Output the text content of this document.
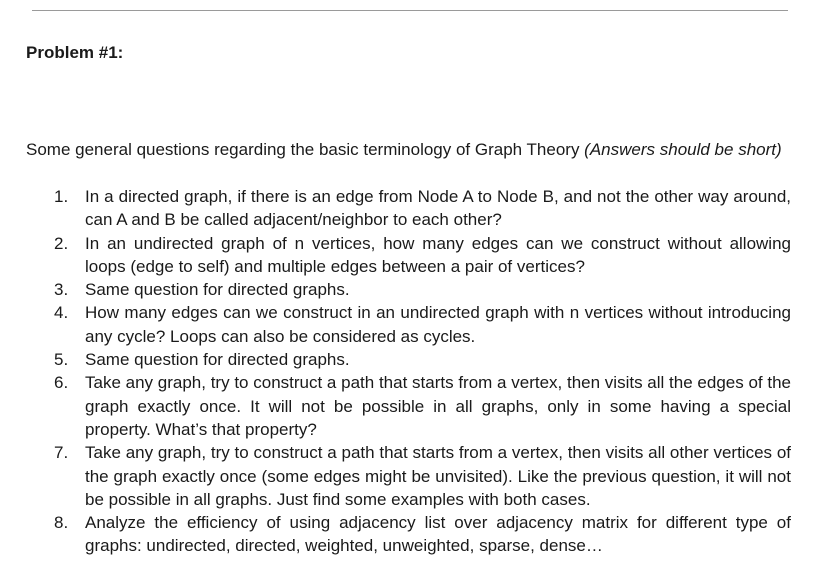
Problem #1:

Some general questions regarding the basic terminology of Graph Theory (Answers should be short)

1. In a directed graph, if there is an edge from Node A to Node B, and not the other way around, can A and B be called adjacent/neighbor to each other?
2. In an undirected graph of n vertices, how many edges can we construct without allowing loops (edge to self) and multiple edges between a pair of vertices?
3. Same question for directed graphs.
4. How many edges can we construct in an undirected graph with n vertices without introducing any cycle? Loops can also be considered as cycles.
5. Same question for directed graphs.
6. Take any graph, try to construct a path that starts from a vertex, then visits all the edges of the graph exactly once. It will not be possible in all graphs, only in some having a special property. What’s that property?
7. Take any graph, try to construct a path that starts from a vertex, then visits all other vertices of the graph exactly once (some edges might be unvisited). Like the previous question, it will not be possible in all graphs. Just find some examples with both cases.
8. Analyze the efficiency of using adjacency list over adjacency matrix for different type of graphs: undirected, directed, weighted, unweighted, sparse, dense…
